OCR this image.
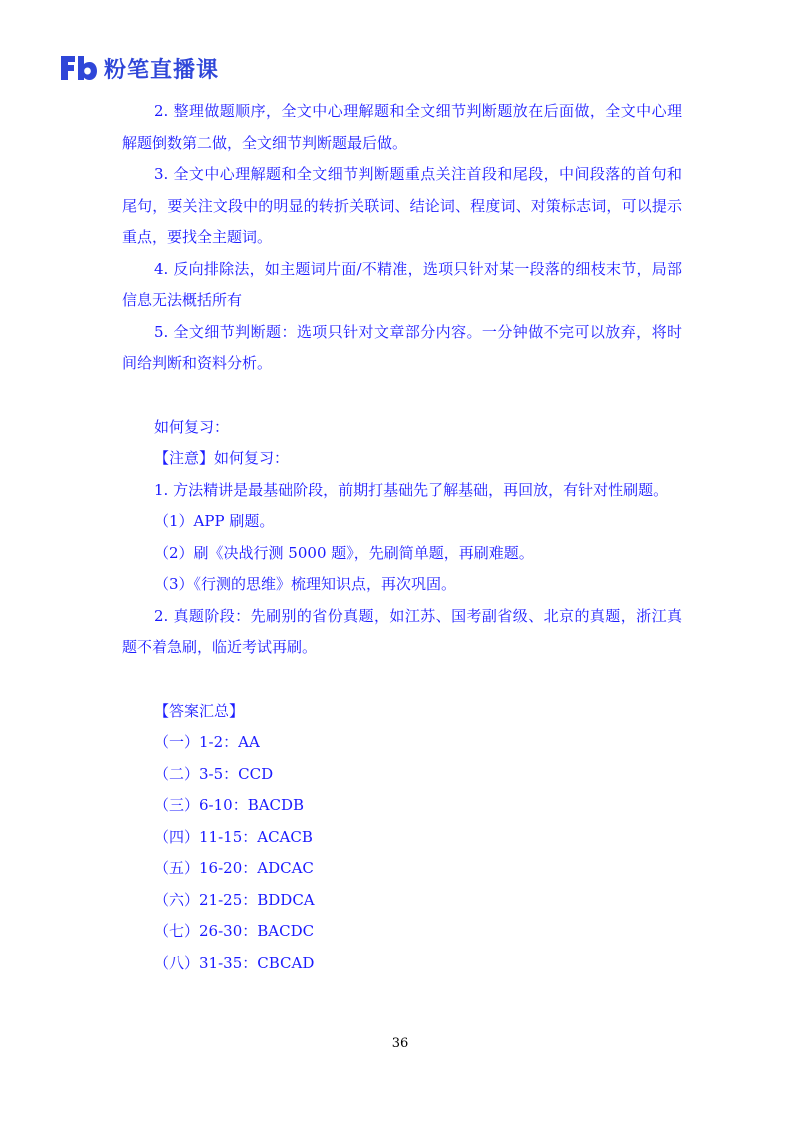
粉笔直播课

2. 整理做题顺序，全文中心理解题和全文细节判断题放在后面做，全文中心理解题倒数第二做，全文细节判断题最后做。

3. 全文中心理解题和全文细节判断题重点关注首段和尾段，中间段落的首句和尾句，要关注文段中的明显的转折关联词、结论词、程度词、对策标志词，可以提示重点，要找全主题词。

4. 反向排除法，如主题词片面/不精准，选项只针对某一段落的细枝末节，局部信息无法概括所有

5. 全文细节判断题：选项只针对文章部分内容。一分钟做不完可以放弃，将时间给判断和资料分析。

如何复习：

【注意】如何复习：

1. 方法精讲是最基础阶段，前期打基础先了解基础，再回放，有针对性刷题。

（1）APP 刷题。

（2）刷《决战行测 5000 题》，先刷简单题，再刷难题。

（3）《行测的思维》梳理知识点，再次巩固。

2. 真题阶段：先刷别的省份真题，如江苏、国考副省级、北京的真题，浙江真题不着急刷，临近考试再刷。

【答案汇总】

（一）1-2：AA

（二）3-5：CCD

（三）6-10：BACDB

（四）11-15：ACACB

（五）16-20：ADCAC

（六）21-25：BDDCA

（七）26-30：BACDC

（八）31-35：CBCAD

36
